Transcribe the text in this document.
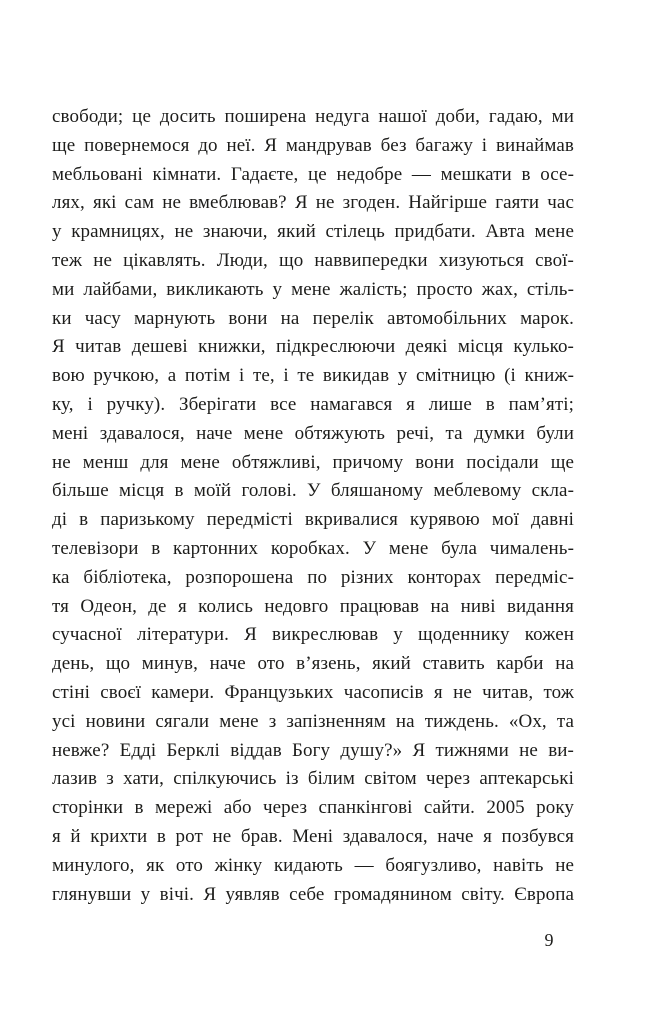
свободи; це досить поширена недуга нашої доби, гадаю, ми
ще повернемося до неї. Я мандрував без багажу і винаймав
мебльовані кімнати. Гадаєте, це недобре — мешкати в осе-
лях, які сам не вмеблював? Я не згоден. Найгірше гаяти час
у крамницях, не знаючи, який стілець придбати. Авта мене
теж не цікавлять. Люди, що наввипередки хизуються свої-
ми лайбами, викликають у мене жалість; просто жах, стіль-
ки часу марнують вони на перелік автомобільних марок.
Я читав дешеві книжки, підкреслюючи деякі місця кулько-
вою ручкою, а потім і те, і те викидав у смітницю (і книж-
ку, і ручку). Зберігати все намагався я лише в пам’яті;
мені здавалося, наче мене обтяжують речі, та думки були
не менш для мене обтяжливі, причому вони посідали ще
більше місця в моїй голові. У бляшаному меблевому скла-
ді в паризькому передмісті вкривалися курявою мої давні
телевізори в картонних коробках. У мене була чималень-
ка бібліотека, розпорошена по різних конторах передміс-
тя Одеон, де я колись недовго працював на ниві видання
сучасної літератури. Я викреслював у щоденнику кожен
день, що минув, наче ото в’язень, який ставить карби на
стіні своєї камери. Французьких часописів я не читав, тож
усі новини сягали мене з запізненням на тиждень. «Ох, та
невже? Едді Берклі віддав Богу душу?» Я тижнями не ви-
лазив з хати, спілкуючись із білим світом через аптекарські
сторінки в мережі або через спанкінгові сайти. 2005 року
я й крихти в рот не брав. Мені здавалося, наче я позбувся
минулого, як ото жінку кидають — боягузливо, навіть не
глянувши у вічі. Я уявляв себе громадянином світу. Європа
9
